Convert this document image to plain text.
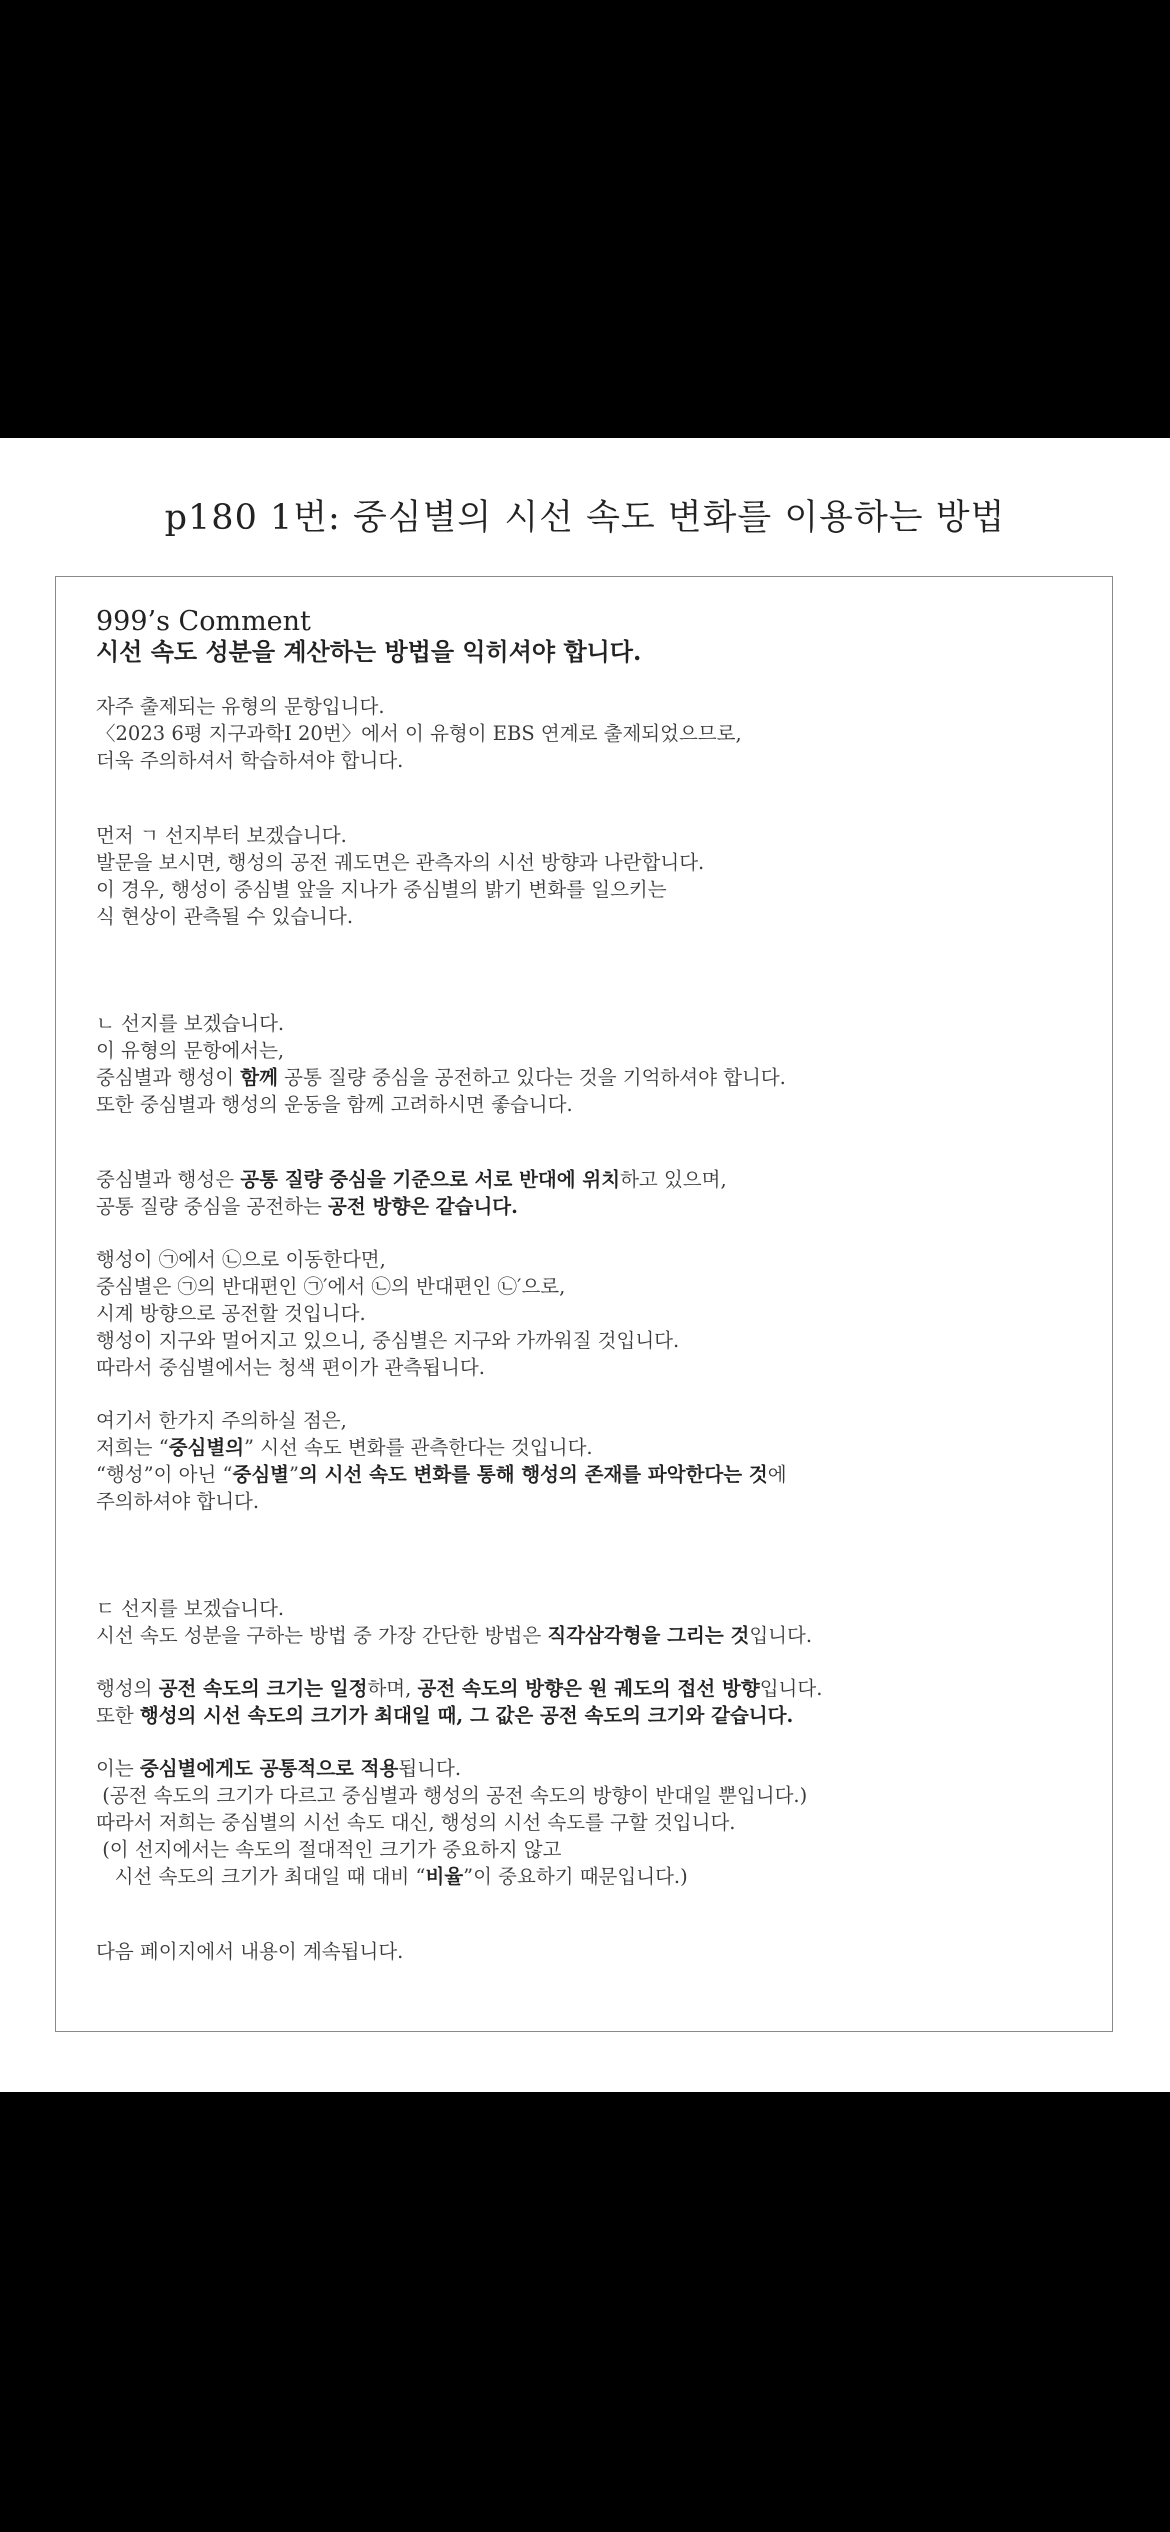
p180 1번: 중심별의 시선 속도 변화를 이용하는 방법
999’s Comment
시선 속도 성분을 계산하는 방법을 익히셔야 합니다.
자주 출제되는 유형의 문항입니다.
〈2023 6평 지구과학Ⅰ 20번〉에서 이 유형이 EBS 연계로 출제되었으므로,
더욱 주의하셔서 학습하셔야 합니다.
먼저 ㄱ 선지부터 보겠습니다.
발문을 보시면, 행성의 공전 궤도면은 관측자의 시선 방향과 나란합니다.
이 경우, 행성이 중심별 앞을 지나가 중심별의 밝기 변화를 일으키는
식 현상이 관측될 수 있습니다.
ㄴ 선지를 보겠습니다.
이 유형의 문항에서는,
중심별과 행성이 함께 공통 질량 중심을 공전하고 있다는 것을 기억하셔야 합니다.
또한 중심별과 행성의 운동을 함께 고려하시면 좋습니다.
중심별과 행성은 공통 질량 중심을 기준으로 서로 반대에 위치하고 있으며,
공통 질량 중심을 공전하는 공전 방향은 같습니다.
행성이 ㉠에서 ㉡으로 이동한다면,
중심별은 ㉠의 반대편인 ㉠′에서 ㉡의 반대편인 ㉡′으로,
시계 방향으로 공전할 것입니다.
행성이 지구와 멀어지고 있으니, 중심별은 지구와 가까워질 것입니다.
따라서 중심별에서는 청색 편이가 관측됩니다.
여기서 한가지 주의하실 점은,
저희는 “중심별의” 시선 속도 변화를 관측한다는 것입니다.
“행성”이 아닌 “중심별”의 시선 속도 변화를 통해 행성의 존재를 파악한다는 것에
주의하셔야 합니다.
ㄷ 선지를 보겠습니다.
시선 속도 성분을 구하는 방법 중 가장 간단한 방법은 직각삼각형을 그리는 것입니다.
행성의 공전 속도의 크기는 일정하며, 공전 속도의 방향은 원 궤도의 접선 방향입니다.
또한 행성의 시선 속도의 크기가 최대일 때, 그 값은 공전 속도의 크기와 같습니다.
이는 중심별에게도 공통적으로 적용됩니다.
(공전 속도의 크기가 다르고 중심별과 행성의 공전 속도의 방향이 반대일 뿐입니다.)
따라서 저희는 중심별의 시선 속도 대신, 행성의 시선 속도를 구할 것입니다.
(이 선지에서는 속도의 절대적인 크기가 중요하지 않고
시선 속도의 크기가 최대일 때 대비 “비율”이 중요하기 때문입니다.)
다음 페이지에서 내용이 계속됩니다.
